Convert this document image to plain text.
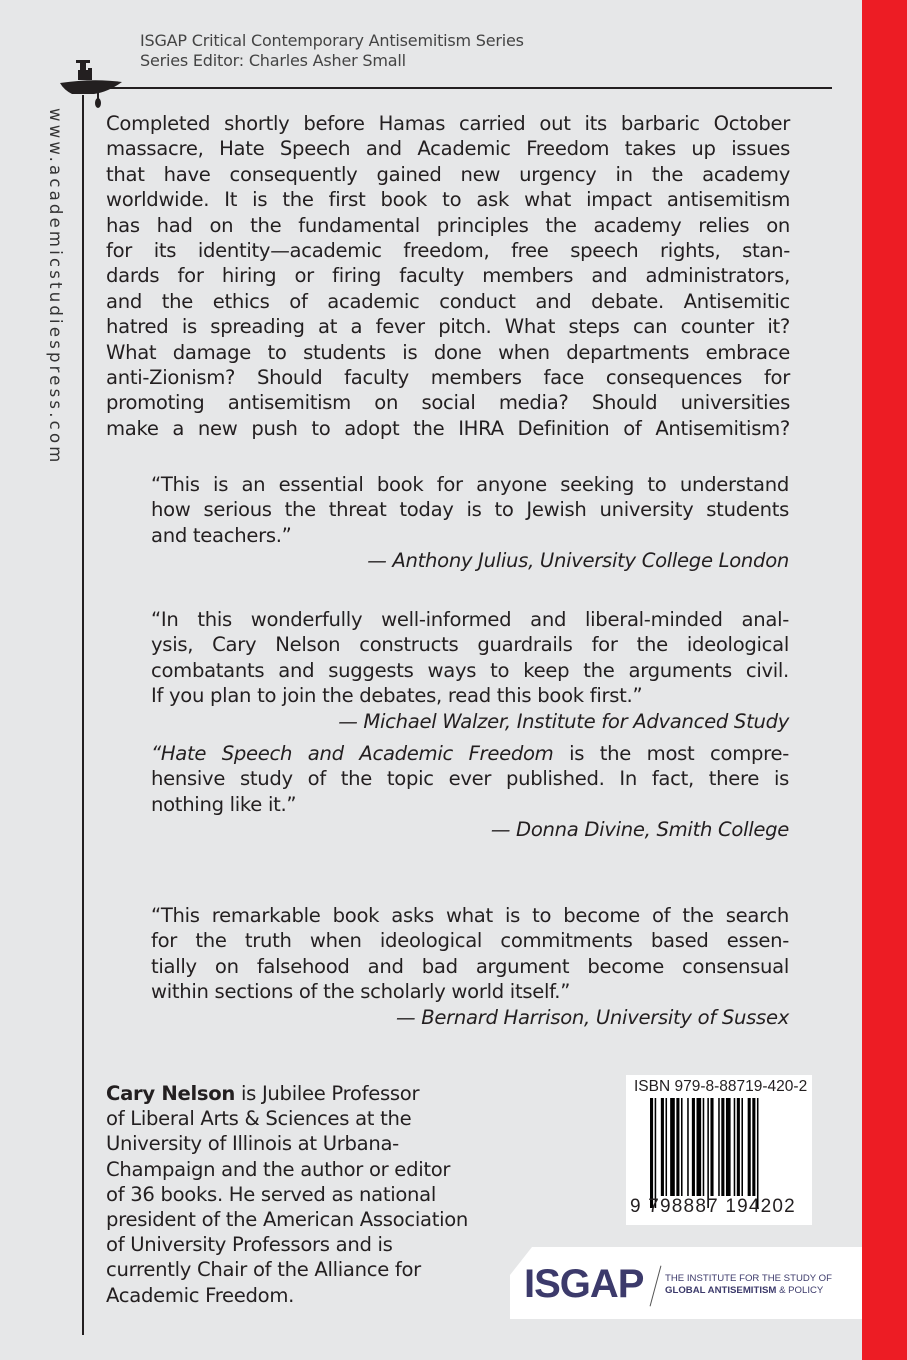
ISGAP Critical Contemporary Antisemitism Series
Series Editor: Charles Asher Small
www.academicstudiespress.com Completed shortly before Hamas carried out its barbaric October
massacre, Hate Speech and Academic Freedom takes up issues
that have consequently gained new urgency in the academy
worldwide. It is the first book to ask what impact antisemitism
has had on the fundamental principles the academy relies on
for its identity—academic freedom, free speech rights, stan-
dards for hiring or firing faculty members and administrators,
and the ethics of academic conduct and debate. Antisemitic
hatred is spreading at a fever pitch. What steps can counter it?
What damage to students is done when departments embrace
anti-Zionism? Should faculty members face consequences for
promoting antisemitism on social media? Should universities
make a new push to adopt the IHRA Definition of Antisemitism?
“This is an essential book for anyone seeking to understand
how serious the threat today is to Jewish university students
and teachers.”
— Anthony Julius, University College London
“In this wonderfully well-informed and liberal-minded anal-
ysis, Cary Nelson constructs guardrails for the ideological
combatants and suggests ways to keep the arguments civil.
If you plan to join the debates, read this book first.”
— Michael Walzer, Institute for Advanced Study
“Hate Speech and Academic Freedom is the most compre-
hensive study of the topic ever published. In fact, there is
nothing like it.”
— Donna Divine, Smith College
“This remarkable book asks what is to become of the search
for the truth when ideological commitments based essen-
tially on falsehood and bad argument become consensual
within sections of the scholarly world itself.”
— Bernard Harrison, University of Sussex
Cary Nelson is Jubilee Professor
of Liberal Arts & Sciences at the
University of Illinois at Urbana-
Champaign and the author or editor
of 36 books. He served as national
president of the American Association
of University Professors and is
currently Chair of the Alliance for
Academic Freedom.
ISBN 979-8-88719-420-2
9 798887 194202
ISGAP THE INSTITUTE FOR THE STUDY OF
GLOBAL ANTISEMITISM & POLICY
